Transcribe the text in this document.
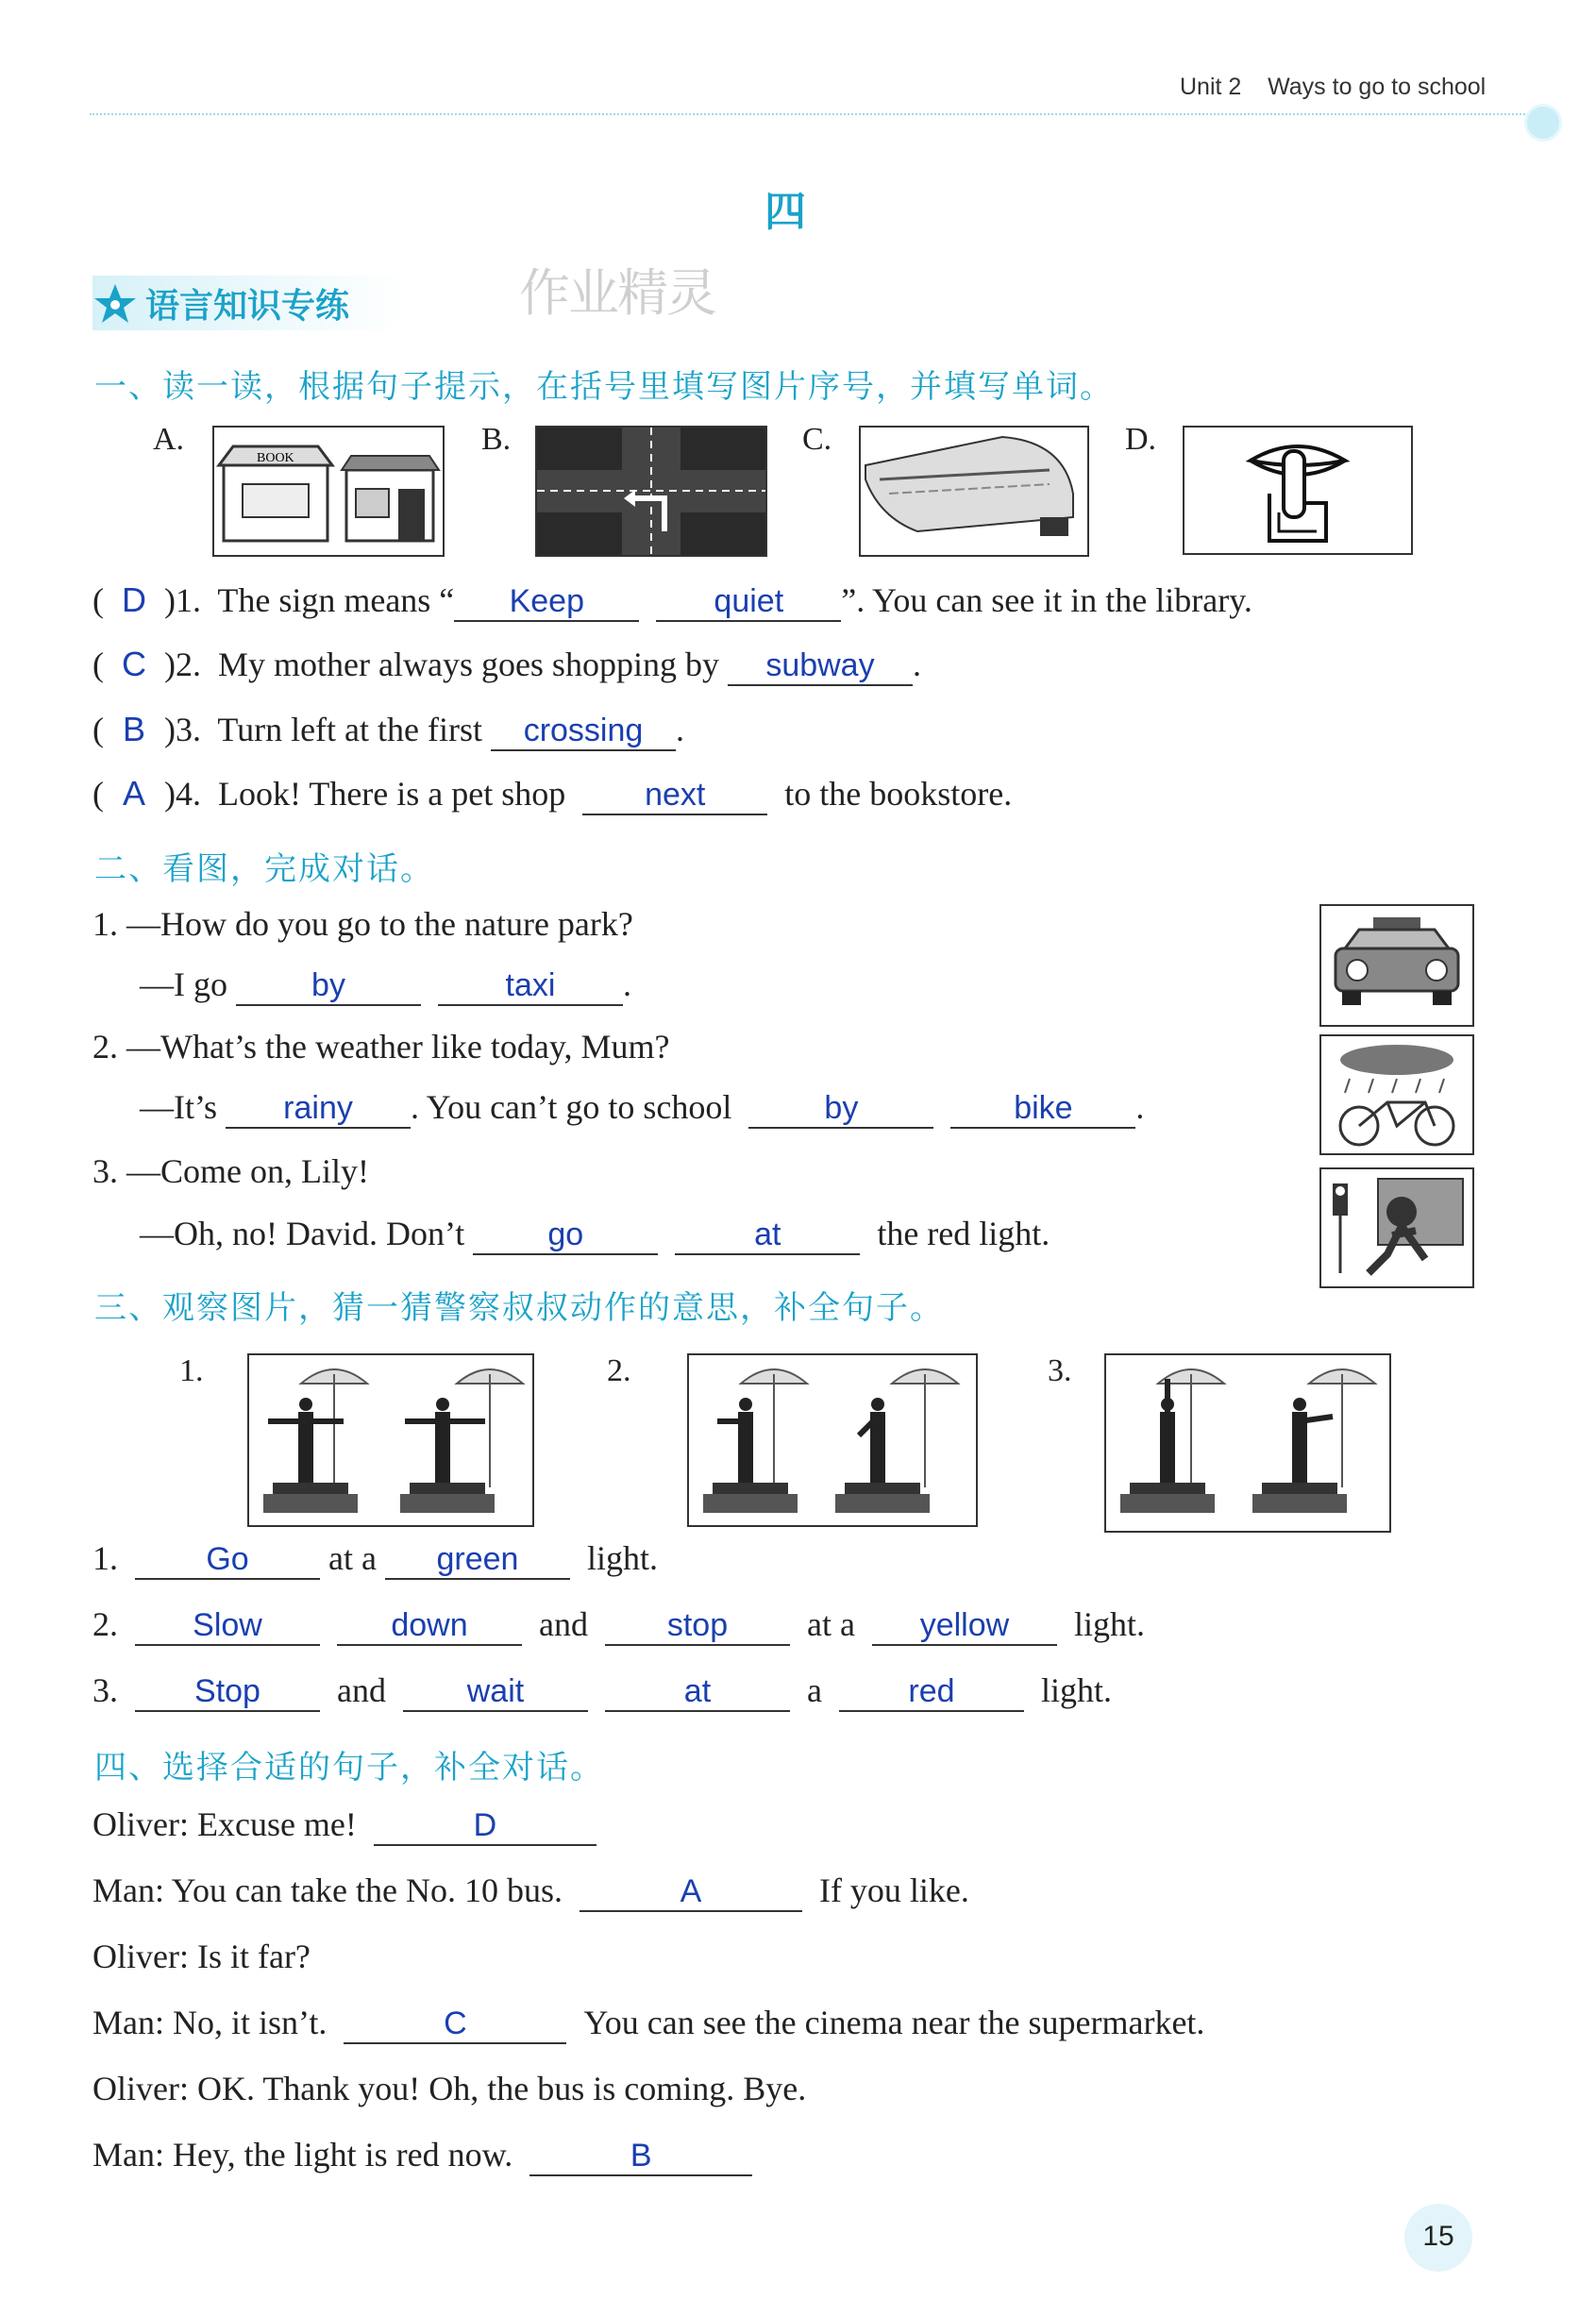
Unit 2 Ways to go to school
四
语言知识专练	作业精灵
一、读一读，根据句子提示，在括号里填写图片序号，并填写单词。
A.	B.	C.	D.
BOOK
( D )1. The sign means “ Keep	quiet ”. You can see it in the library.
( C )2. My mother always goes shopping by subway .
( B )3. Turn left at the first crossing .
( A )4. Look! There is a pet shop next to the bookstore.
二、看图，完成对话。
1. —How do you go to the nature park?
—I go	by	taxi .
2. —What’s the weather like today, Mum?
—It’s rainy . You can’t go to school	by	bike .
3. —Come on, Lily!
—Oh, no! David. Don’t	go	at	the red light.
三、观察图片，猜一猜警察叔叔动作的意思，补全句子。
1.	2.	3.
1.	Go at a green light.
2. Slow	down and stop at a yellow light.
3. Stop and	wait	at	a	red	light.
四、选择合适的句子，补全对话。
Oliver: Excuse me!	D
Man: You can take the No. 10 bus.	A	If you like.
Oliver: Is it far?
Man: No, it isn’t.	C	You can see the cinema near the supermarket.
Oliver: OK. Thank you! Oh, the bus is coming. Bye.
Man: Hey, the light is red now.	B
15
